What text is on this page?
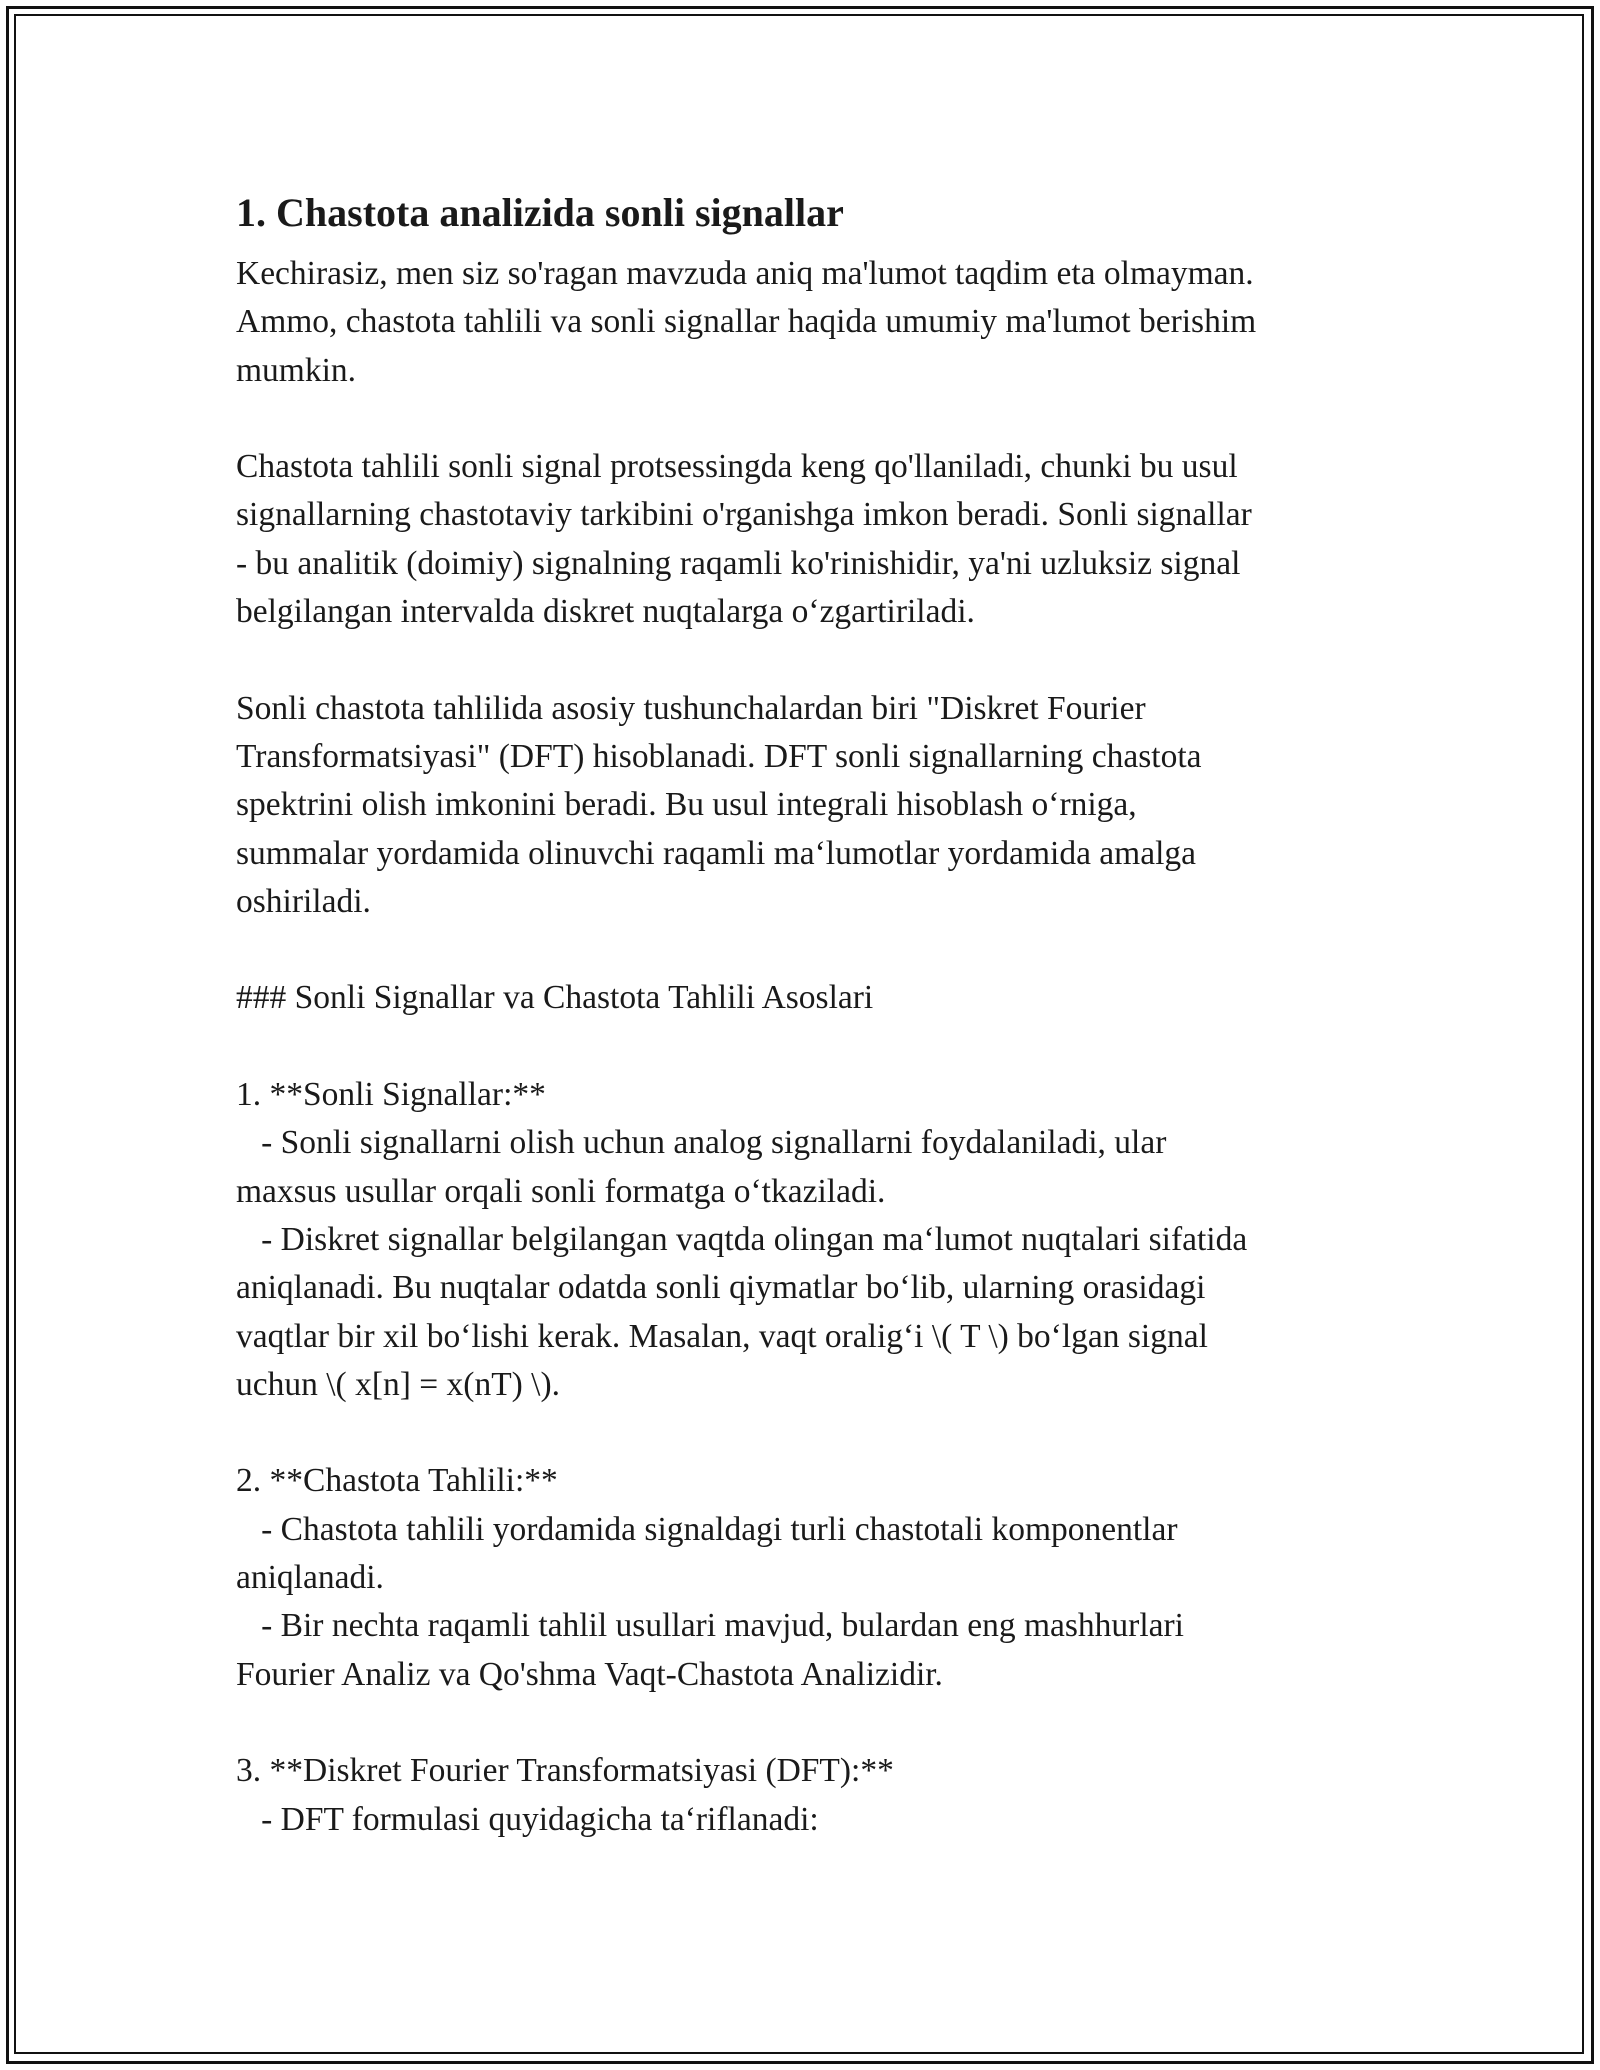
1. Chastota analizida sonli signallar

Kechirasiz, men siz so'ragan mavzuda aniq ma'lumot taqdim eta olmayman.
Ammo, chastota tahlili va sonli signallar haqida umumiy ma'lumot berishim
mumkin.

Chastota tahlili sonli signal protsessingda keng qo'llaniladi, chunki bu usul
signallarning chastotaviy tarkibini o'rganishga imkon beradi. Sonli signallar
- bu analitik (doimiy) signalning raqamli ko'rinishidir, ya'ni uzluksiz signal
belgilangan intervalda diskret nuqtalarga o‘zgartiriladi.

Sonli chastota tahlilida asosiy tushunchalardan biri "Diskret Fourier
Transformatsiyasi" (DFT) hisoblanadi. DFT sonli signallarning chastota
spektrini olish imkonini beradi. Bu usul integrali hisoblash o‘rniga,
summalar yordamida olinuvchi raqamli ma‘lumotlar yordamida amalga
oshiriladi.

### Sonli Signallar va Chastota Tahlili Asoslari

1. **Sonli Signallar:**
- Sonli signallarni olish uchun analog signallarni foydalaniladi, ular
maxsus usullar orqali sonli formatga o‘tkaziladi.
- Diskret signallar belgilangan vaqtda olingan ma‘lumot nuqtalari sifatida
aniqlanadi. Bu nuqtalar odatda sonli qiymatlar bo‘lib, ularning orasidagi
vaqtlar bir xil bo‘lishi kerak. Masalan, vaqt oralig‘i \( T \) bo‘lgan signal
uchun \( x[n] = x(nT) \).

2. **Chastota Tahlili:**
- Chastota tahlili yordamida signaldagi turli chastotali komponentlar
aniqlanadi.
- Bir nechta raqamli tahlil usullari mavjud, bulardan eng mashhurlari
Fourier Analiz va Qo'shma Vaqt-Chastota Analizidir.

3. **Diskret Fourier Transformatsiyasi (DFT):**
- DFT formulasi quyidagicha ta‘riflanadi:
